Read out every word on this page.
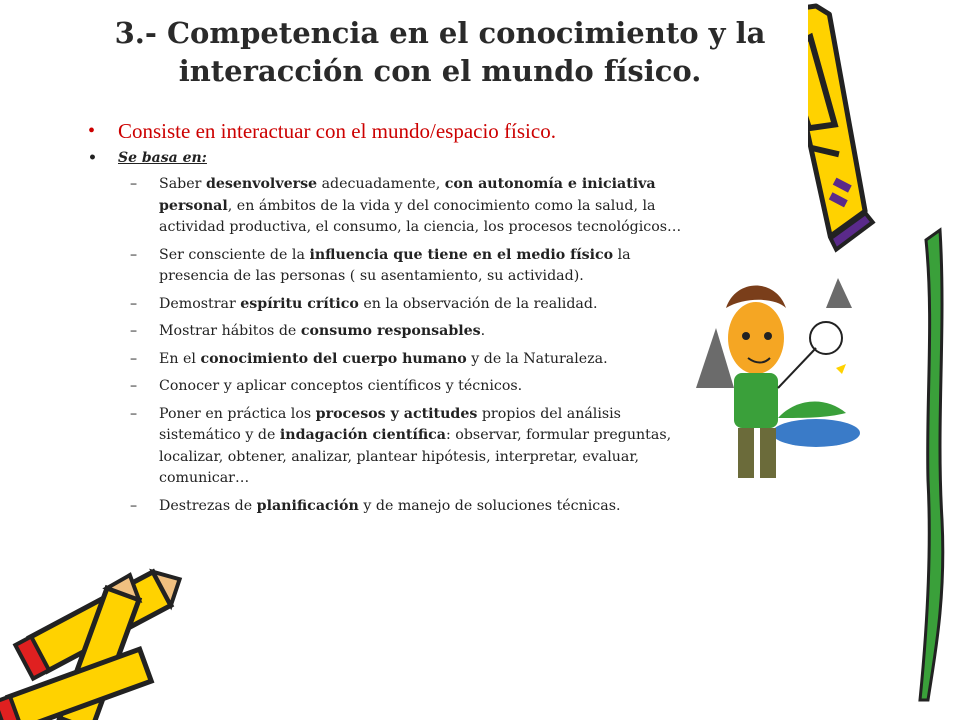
3.- Competencia en el conocimiento y la
interacción con el mundo físico.
• Consiste en interactuar con el mundo/espacio físico.
• Se basa en:
– Saber desenvolverse adecuadamente, con autonomía e iniciativa personal, en ámbitos de la vida y del conocimiento como la salud, la actividad productiva, el consumo, la ciencia, los procesos tecnológicos…
– Ser consciente de la influencia que tiene en el medio físico la presencia de las personas ( su asentamiento, su actividad).
– Demostrar espíritu crítico en la observación de la realidad.
– Mostrar hábitos de consumo responsables.
– En el conocimiento del cuerpo humano y de la Naturaleza.
– Conocer y aplicar conceptos científicos y técnicos.
– Poner en práctica los procesos y actitudes propios del análisis sistemático y de indagación científica: observar, formular preguntas, localizar, obtener, analizar, plantear hipótesis, interpretar, evaluar, comunicar…
– Destrezas de planificación y de manejo de soluciones técnicas.
